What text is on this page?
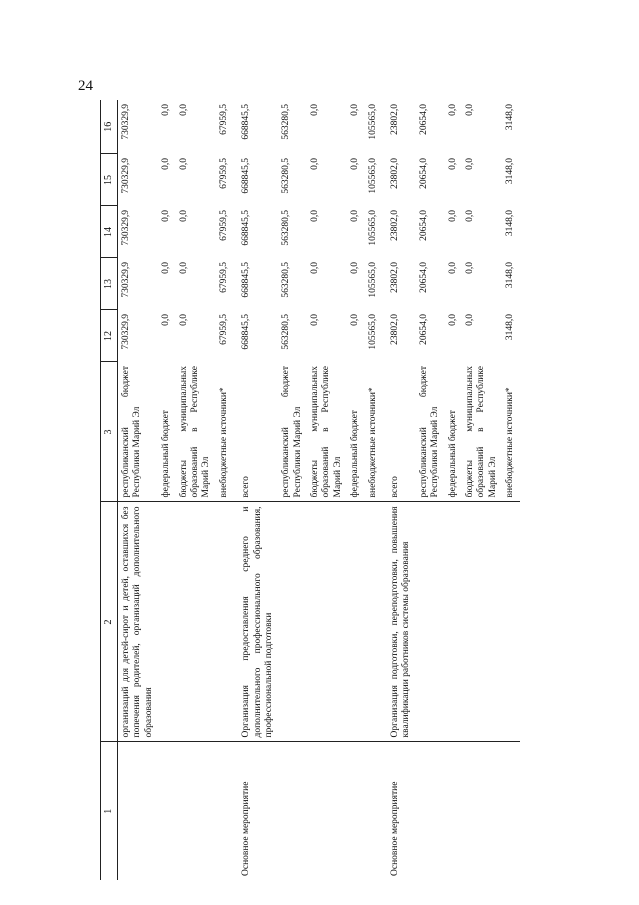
24
1	2	3	12	13	14	15	16
	организаций для детей-сирот и детей, оставшихся без попечения родителей, организаций дополнительного образования	республиканский бюджет Республики Марий Эл	730329,9	730329,9	730329,9	730329,9	730329,9
		федеральный бюджет	0,0	0,0	0,0	0,0	0,0
		бюджеты муниципальных образований в Республике Марий Эл	0,0	0,0	0,0	0,0	0,0
		внебюджетные источники*	67959,5	67959,5	67959,5	67959,5	67959,5
Основное мероприятие	Организация предоставления среднего и дополнительного профессионального образования, профессиональной подготовки	всего	668845,5	668845,5	668845,5	668845,5	668845,5
		республиканский бюджет Республики Марий Эл	563280,5	563280,5	563280,5	563280,5	563280,5
		бюджеты муниципальных образований в Республике Марий Эл	0,0	0,0	0,0	0,0	0,0
		федеральный бюджет	0,0	0,0	0,0	0,0	0,0
		внебюджетные источники*	105565,0	105565,0	105565,0	105565,0	105565,0
Основное мероприятие	Организация подготовки, переподготовки, повышения квалификации работников системы образования	всего	23802,0	23802,0	23802,0	23802,0	23802,0
		республиканский бюджет Республики Марий Эл	20654,0	20654,0	20654,0	20654,0	20654,0
		федеральный бюджет	0,0	0,0	0,0	0,0	0,0
		бюджеты муниципальных образований в Республике Марий Эл	0,0	0,0	0,0	0,0	0,0
		внебюджетные источники*	3148,0	3148,0	3148,0	3148,0	3148,0
